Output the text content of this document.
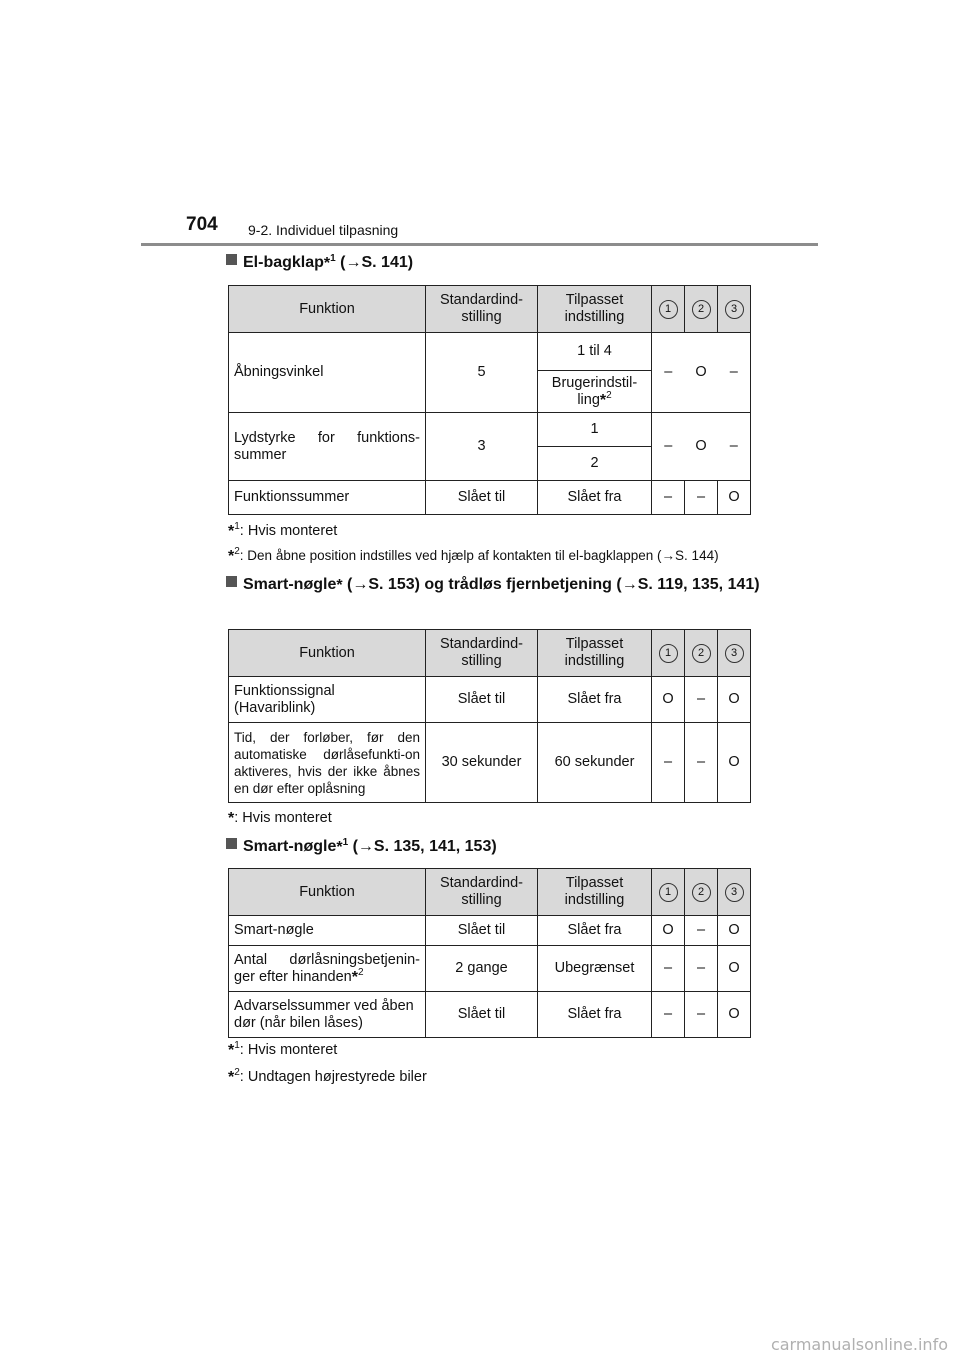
704 9-2. Individuel tilpasning
El-bagklap*$^1$ (→S. 141)
Funktion	Standardind-stilling	Tilpasset indstilling	1	2	3
Åbningsvinkel	5	1 til 4	–	O	–
		Brugerindstil-ling*$^2$
Lydstyrke for funktions-summer	3	1	–	O	–
		2			
Funktionssummer	Slået til	Slået fra	–	–	O
*$^1$: Hvis monteret
*$^2$: Den åbne position indstilles ved hjælp af kontakten til el-bagklappen (→S. 144)
Smart-nøgle* (→S. 153) og trådløs fjernbetjening (→S. 119, 135, 141)
Funktion	Standardind-stilling	Tilpasset indstilling	1	2	3
Funktionssignal (Havariblink)	Slået til	Slået fra	O	–	O
Tid, der forløber, før den automatiske dørlåsefunkti-on aktiveres, hvis der ikke åbnes en dør efter oplåsning	30 sekunder	60 sekunder	–	–	O
*: Hvis monteret
Smart-nøgle*$^1$ (→S. 135, 141, 153)
Funktion	Standardind-stilling	Tilpasset indstilling	1	2	3
Smart-nøgle	Slået til	Slået fra	O	–	O
Antal dørlåsningsbetjenin-ger efter hinanden*$^2$	2 gange	Ubegrænset	–	–	O
Advarselssummer ved åben dør (når bilen låses)	Slået til	Slået fra	–	–	O
*$^1$: Hvis monteret
*$^2$: Undtagen højrestyrede biler
carmanualsonline.info
